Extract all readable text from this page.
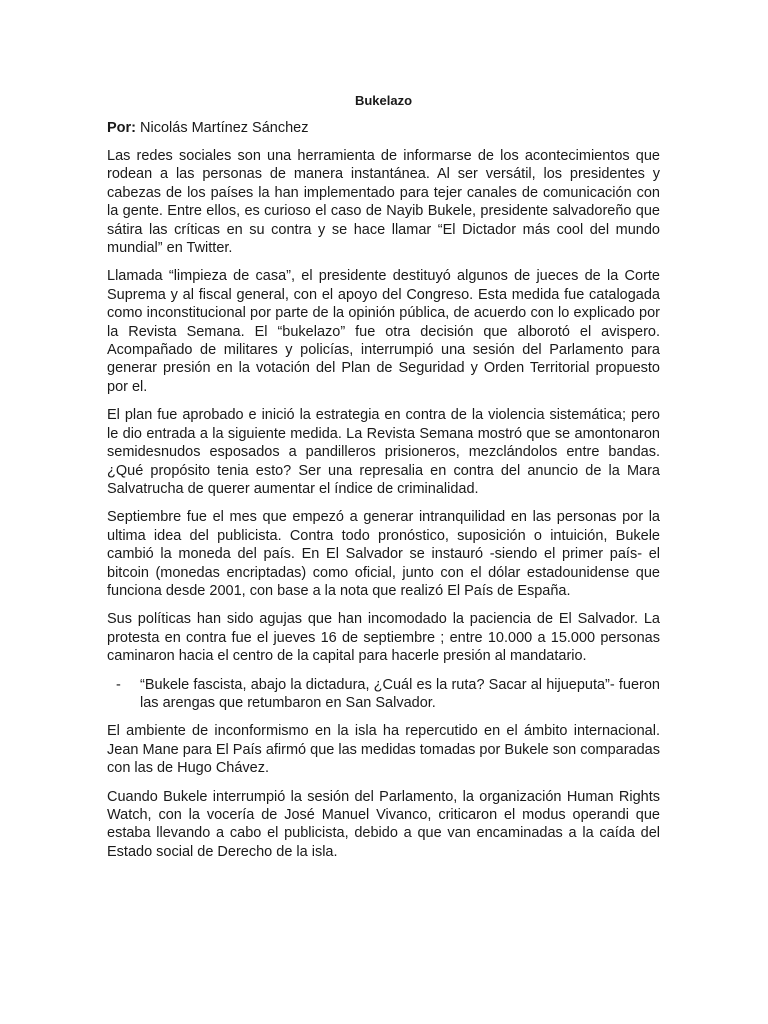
Bukelazo
Por: Nicolás Martínez Sánchez

Las redes sociales son una herramienta de informarse de los acontecimientos que rodean a las personas de manera instantánea. Al ser versátil, los presidentes y cabezas de los países la han implementado para tejer canales de comunicación con la gente. Entre ellos, es curioso el caso de Nayib Bukele, presidente salvadoreño que sátira las críticas en su contra y se hace llamar “El Dictador más cool del mundo mundial” en Twitter.

Llamada “limpieza de casa”, el presidente destituyó algunos de jueces de la Corte Suprema y al fiscal general, con el apoyo del Congreso. Esta medida fue catalogada como inconstitucional por parte de la opinión pública, de acuerdo con lo explicado por la Revista Semana. El “bukelazo” fue otra decisión que alborotó el avispero. Acompañado de militares y policías, interrumpió una sesión del Parlamento para generar presión en la votación del Plan de Seguridad y Orden Territorial propuesto por el.

El plan fue aprobado e inició la estrategia en contra de la violencia sistemática; pero le dio entrada a la siguiente medida. La Revista Semana mostró que se amontonaron semidesnudos esposados a pandilleros prisioneros, mezclándolos entre bandas. ¿Qué propósito tenia esto? Ser una represalia en contra del anuncio de la Mara Salvatrucha de querer aumentar el índice de criminalidad.

Septiembre fue el mes que empezó a generar intranquilidad en las personas por la ultima idea del publicista. Contra todo pronóstico, suposición o intuición, Bukele cambió la moneda del país. En El Salvador se instauró -siendo el primer país- el bitcoin (monedas encriptadas) como oficial, junto con el dólar estadounidense que funciona desde 2001, con base a la nota que realizó El País de España.

Sus políticas han sido agujas que han incomodado la paciencia de El Salvador. La protesta en contra fue el jueves 16 de septiembre ; entre 10.000 a 15.000 personas caminaron hacia el centro de la capital para hacerle presión al mandatario.

-	“Bukele fascista, abajo la dictadura, ¿Cuál es la ruta? Sacar al hijueputa”- fueron las arengas que retumbaron en San Salvador.

El ambiente de inconformismo en la isla ha repercutido en el ámbito internacional. Jean Mane para El País afirmó que las medidas tomadas por Bukele son comparadas con las de Hugo Chávez.

Cuando Bukele interrumpió la sesión del Parlamento, la organización Human Rights Watch, con la vocería de José Manuel Vivanco, criticaron el modus operandi que estaba llevando a cabo el publicista, debido a que van encaminadas a la caída del Estado social de Derecho de la isla.
